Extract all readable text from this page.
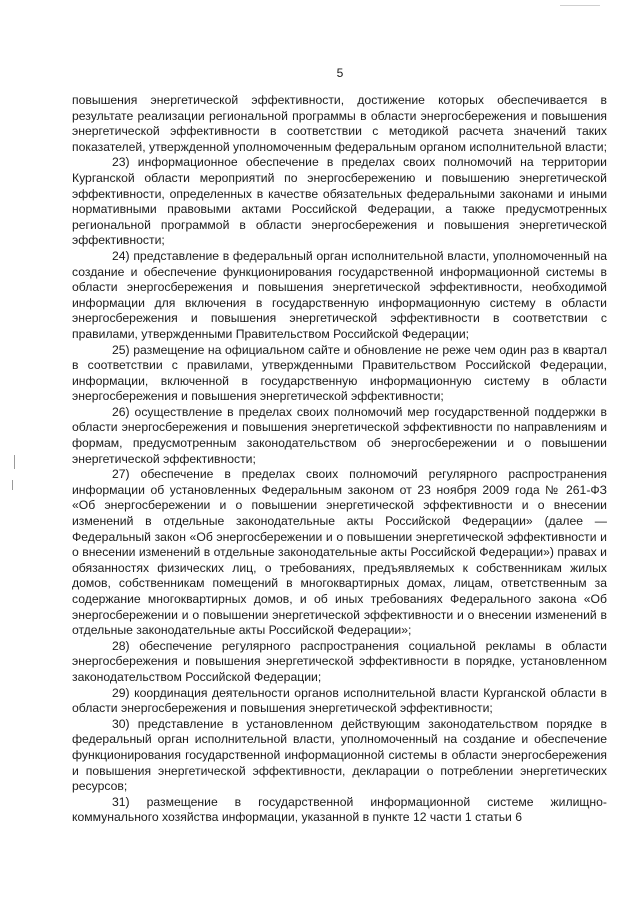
5

повышения энергетической эффективности, достижение которых обеспечивается в результате реализации региональной программы в области энергосбережения и повышения энергетической эффективности в соответствии с методикой расчета значений таких показателей, утвержденной уполномоченным федеральным органом исполнительной власти;

23) информационное обеспечение в пределах своих полномочий на территории Курганской области мероприятий по энергосбережению и повышению энергетической эффективности, определенных в качестве обязательных федеральными законами и иными нормативными правовыми актами Российской Федерации, а также предусмотренных региональной программой в области энергосбережения и повышения энергетической эффективности;

24) представление в федеральный орган исполнительной власти, уполномоченный на создание и обеспечение функционирования государственной информационной системы в области энергосбережения и повышения энергетической эффективности, необходимой информации для включения в государственную информационную систему в области энергосбережения и повышения энергетической эффективности в соответствии с правилами, утвержденными Правительством Российской Федерации;

25) размещение на официальном сайте и обновление не реже чем один раз в квартал в соответствии с правилами, утвержденными Правительством Российской Федерации, информации, включенной в государственную информационную систему в области энергосбережения и повышения энергетической эффективности;

26) осуществление в пределах своих полномочий мер государственной поддержки в области энергосбережения и повышения энергетической эффективности по направлениям и формам, предусмотренным законодательством об энергосбережении и о повышении энергетической эффективности;

27) обеспечение в пределах своих полномочий регулярного распространения информации об установленных Федеральным законом от 23 ноября 2009 года № 261-ФЗ «Об энергосбережении и о повышении энергетической эффективности и о внесении изменений в отдельные законодательные акты Российской Федерации» (далее — Федеральный закон «Об энергосбережении и о повышении энергетической эффективности и о внесении изменений в отдельные законодательные акты Российской Федерации») правах и обязанностях физических лиц, о требованиях, предъявляемых к собственникам жилых домов, собственникам помещений в многоквартирных домах, лицам, ответственным за содержание многоквартирных домов, и об иных требованиях Федерального закона «Об энергосбережении и о повышении энергетической эффективности и о внесении изменений в отдельные законодательные акты Российской Федерации»;

28) обеспечение регулярного распространения социальной рекламы в области энергосбережения и повышения энергетической эффективности в порядке, установленном законодательством Российской Федерации;

29) координация деятельности органов исполнительной власти Курганской области в области энергосбережения и повышения энергетической эффективности;

30) представление в установленном действующим законодательством порядке в федеральный орган исполнительной власти, уполномоченный на создание и обеспечение функционирования государственной информационной системы в области энергосбережения и повышения энергетической эффективности, декларации о потреблении энергетических ресурсов;

31) размещение в государственной информационной системе жилищно-коммунального хозяйства информации, указанной в пункте 12 части 1 статьи 6
